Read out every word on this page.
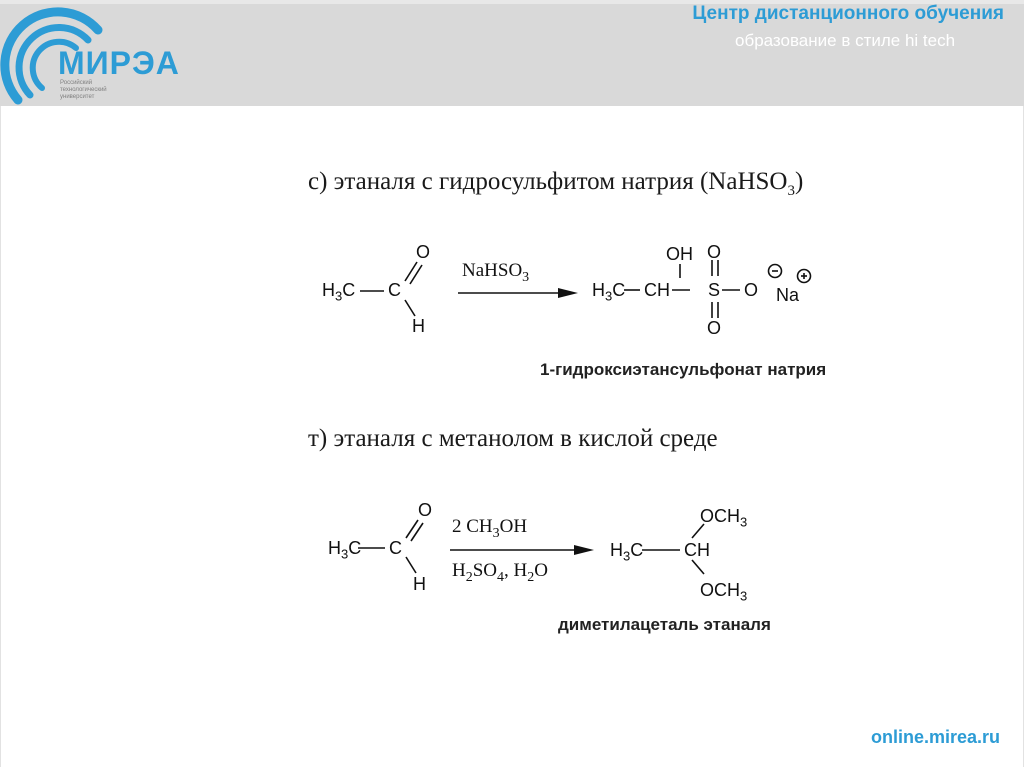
МИРЭА
Российский технологический университет
Центр дистанционного обучения
образование в стиле hi tech
с) этаналя с гидросульфитом натрия (NaHSO$_3$)
$H_3C$ C
O
H
NaHSO$_3$
OH
$H_3C$ CH S
O
O
O Na
1-гидроксиэтансульфонат натрия
т) этаналя с метанолом в кислой среде
$H_3C$ C
O
H
2 $CH_3OH$
$H_2SO_4$, $H_2O$
$OCH_3$
$H_3C$ CH
$OCH_3$
диметилацеталь этаналя
online.mirea.ru
